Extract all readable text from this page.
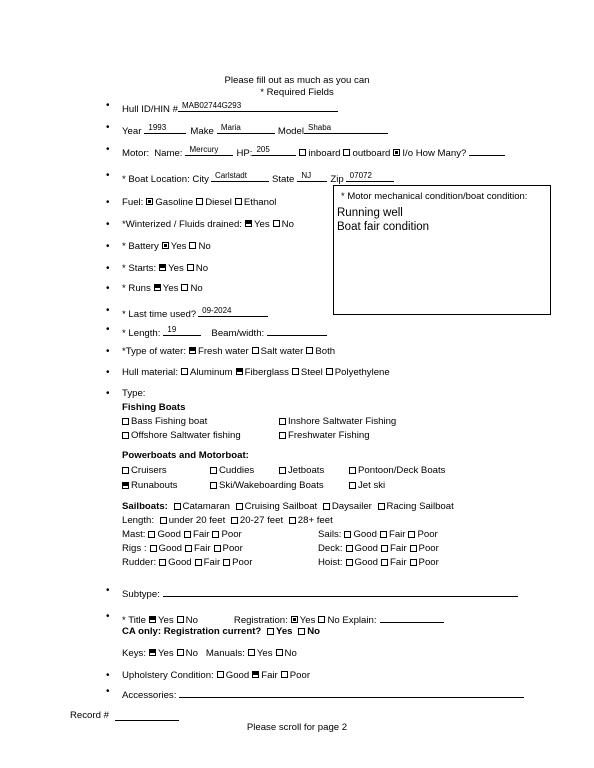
Please fill out as much as you can
* Required Fields
• Hull ID/HIN # MAB02744G293
• Year 1993	Make Maria	Model Shaba
• Motor: Name: Mercury HP: 205	inboard outboard I/o How Many?
• * Boat Location: City Carlstadt	State NJ Zip 07072
• Fuel: Gasoline Diesel Ethanol
• *Winterized / Fluids drained: Yes No
• * Battery Yes No
• * Starts: Yes No
• * Runs Yes No
• * Last time used? 09-2024
• * Length: 19	Beam/width:
• *Type of water: Fresh water Salt water Both
• Hull material: Aluminum Fiberglass Steel Polyethylene
* Motor mechanical condition/boat condition:
Running well
Boat fair condition
• Type:
Fishing Boats
Bass Fishing boat	Inshore Saltwater Fishing
Offshore Saltwater fishing	Freshwater Fishing
Powerboats and Motorboat:
Cruisers	Cuddies	Jetboats	Pontoon/Deck Boats
Runabouts	Ski/Wakeboarding Boats	Jet ski
Sailboats: Catamaran Cruising Sailboat Daysailer Racing Sailboat
Length: under 20 feet 20-27 feet 28+ feet
Mast: Good Fair Poor	Sails: Good Fair Poor
Rigs : Good Fair Poor	Deck: Good Fair Poor
Rudder: Good Fair Poor	Hoist: Good Fair Poor
• Subtype:
• * Title Yes No	Registration: Yes No Explain:
CA only: Registration current? Yes No
Keys: Yes No Manuals: Yes No
• Upholstery Condition: Good Fair Poor
• Accessories:
Record #
Please scroll for page 2
